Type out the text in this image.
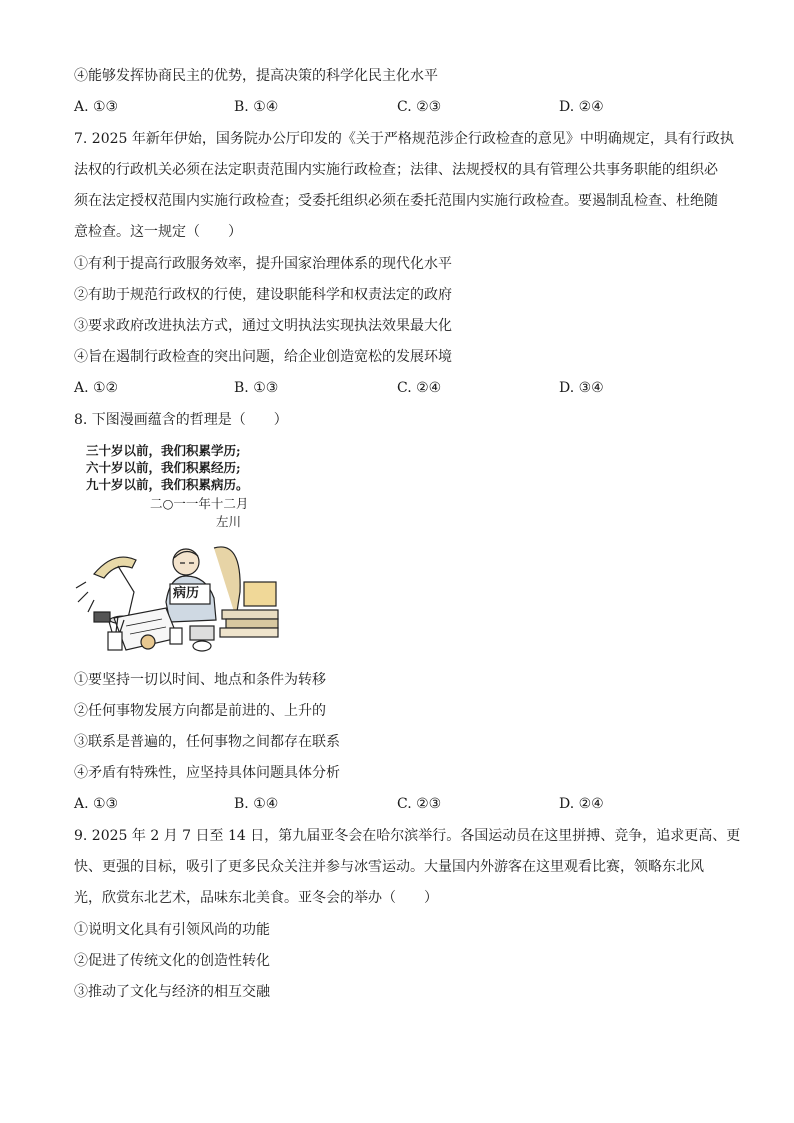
④能够发挥协商民主的优势，提高决策的科学化民主化水平
A. ①③	B. ①④	C. ②③	D. ②④
7. 2025 年新年伊始，国务院办公厅印发的《关于严格规范涉企行政检查的意见》中明确规定，具有行政执
法权的行政机关必须在法定职责范围内实施行政检查；法律、法规授权的具有管理公共事务职能的组织必
须在法定授权范围内实施行政检查；受委托组织必须在委托范围内实施行政检查。要遏制乱检查、杜绝随
意检查。这一规定（　　）
①有利于提高行政服务效率，提升国家治理体系的现代化水平
②有助于规范行政权的行使，建设职能科学和权责法定的政府
③要求政府改进执法方式，通过文明执法实现执法效果最大化
④旨在遏制行政检查的突出问题，给企业创造宽松的发展环境
A. ①②	B. ①③	C. ②④	D. ③④
8. 下图漫画蕴含的哲理是（　　）
三十岁以前，我们积累学历;
六十岁以前，我们积累经历;
九十岁以前，我们积累病历。
二○一一年十二月
左川
病历
①要坚持一切以时间、地点和条件为转移
②任何事物发展方向都是前进的、上升的
③联系是普遍的，任何事物之间都存在联系
④矛盾有特殊性，应坚持具体问题具体分析
A. ①③	B. ①④	C. ②③	D. ②④
9. 2025 年 2 月 7 日至 14 日，第九届亚冬会在哈尔滨举行。各国运动员在这里拼搏、竞争，追求更高、更
快、更强的目标，吸引了更多民众关注并参与冰雪运动。大量国内外游客在这里观看比赛，领略东北风
光，欣赏东北艺术，品味东北美食。亚冬会的举办（　　）
①说明文化具有引领风尚的功能
②促进了传统文化的创造性转化
③推动了文化与经济的相互交融
